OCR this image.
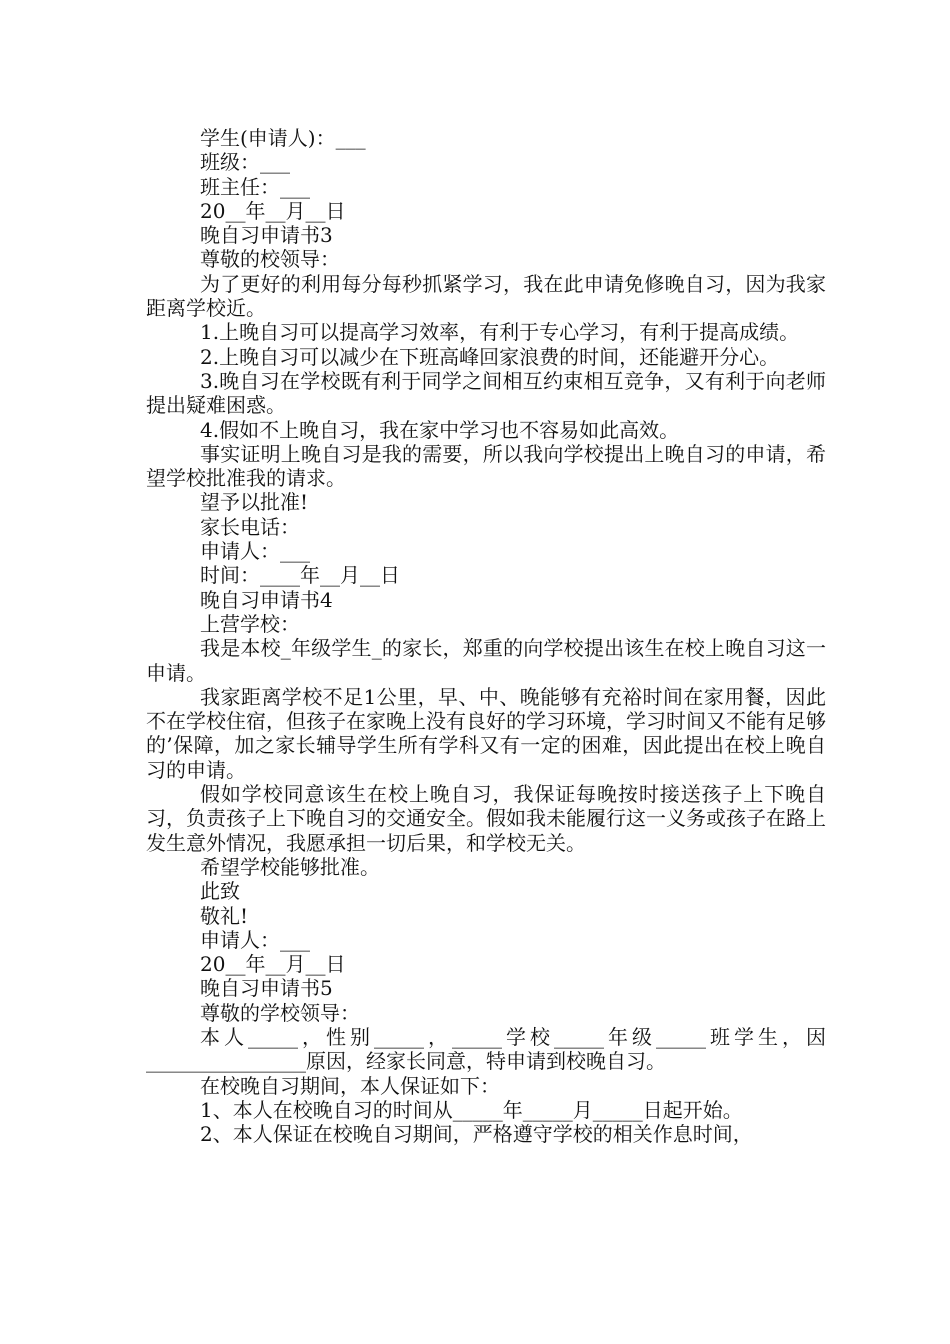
学生(申请人)：___
班级：___
班主任：___
20__年__月__日
晚自习申请书3
尊敬的校领导：
为了更好的利用每分每秒抓紧学习，我在此申请免修晚自习，因为我家距离学校近。
1.上晚自习可以提高学习效率，有利于专心学习，有利于提高成绩。
2.上晚自习可以减少在下班高峰回家浪费的时间，还能避开分心。
3.晚自习在学校既有利于同学之间相互约束相互竞争，又有利于向老师提出疑难困惑。
4.假如不上晚自习，我在家中学习也不容易如此高效。
事实证明上晚自习是我的需要，所以我向学校提出上晚自习的申请，希望学校批准我的请求。
望予以批准!
家长电话：
申请人：___
时间：____年__月__日
晚自习申请书4
上营学校：
我是本校_年级学生_的家长，郑重的向学校提出该生在校上晚自习这一申请。
我家距离学校不足1公里，早、中、晚能够有充裕时间在家用餐，因此不在学校住宿，但孩子在家晚上没有良好的学习环境，学习时间又不能有足够的’保障，加之家长辅导学生所有学科又有一定的困难，因此提出在校上晚自习的申请。
假如学校同意该生在校上晚自习，我保证每晚按时接送孩子上下晚自习，负责孩子上下晚自习的交通安全。假如我未能履行这一义务或孩子在路上发生意外情况，我愿承担一切后果，和学校无关。
希望学校能够批准。
此致
敬礼!
申请人：___
20__年__月__日
晚自习申请书5
尊敬的学校领导：
本人_____，性别_____，_____学校_____年级_____班学生，因________________原因，经家长同意，特申请到校晚自习。
在校晚自习期间，本人保证如下：
1、本人在校晚自习的时间从_____年_____月_____日起开始。
2、本人保证在校晚自习期间，严格遵守学校的相关作息时间，
